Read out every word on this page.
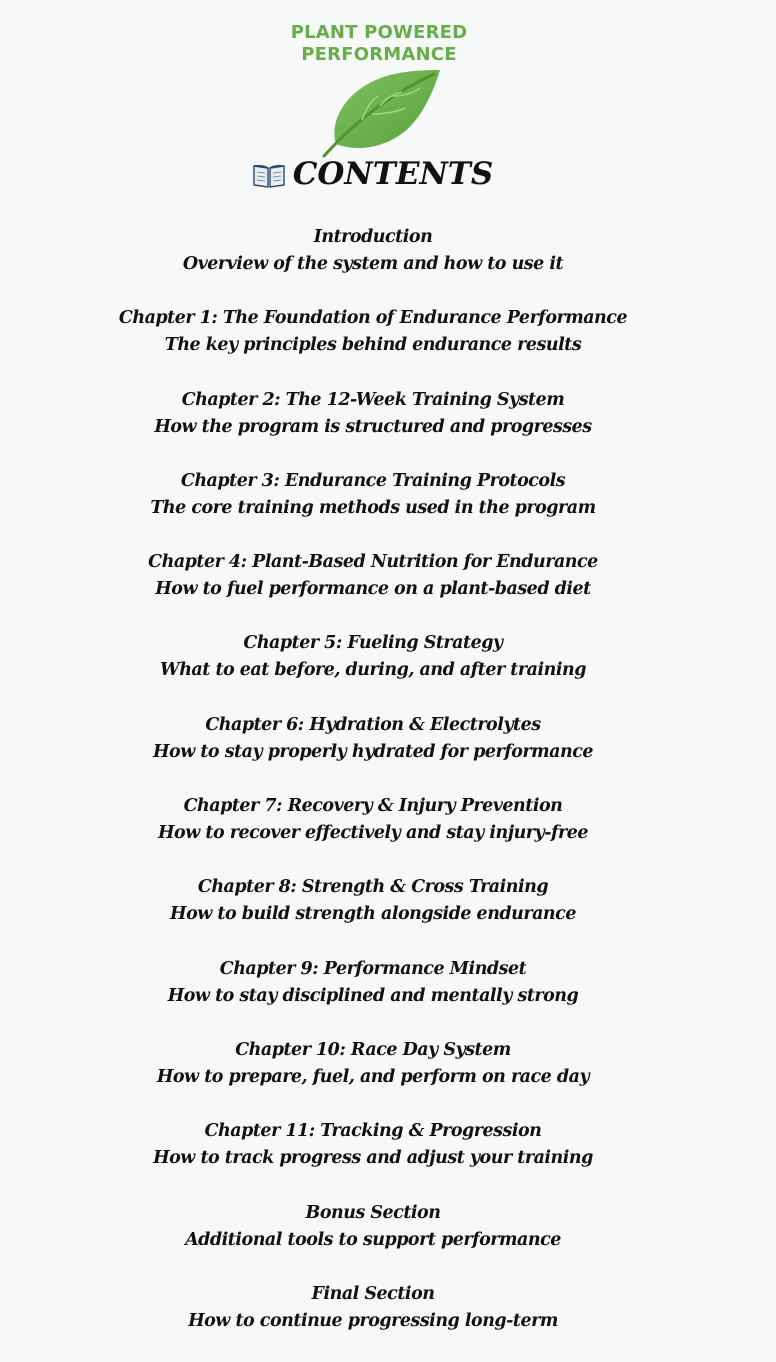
PLANT POWERED
PERFORMANCE
CONTENTS
Introduction
Overview of the system and how to use it
Chapter 1: The Foundation of Endurance Performance
The key principles behind endurance results
Chapter 2: The 12-Week Training System
How the program is structured and progresses
Chapter 3: Endurance Training Protocols
The core training methods used in the program
Chapter 4: Plant-Based Nutrition for Endurance
How to fuel performance on a plant-based diet
Chapter 5: Fueling Strategy
What to eat before, during, and after training
Chapter 6: Hydration & Electrolytes
How to stay properly hydrated for performance
Chapter 7: Recovery & Injury Prevention
How to recover effectively and stay injury-free
Chapter 8: Strength & Cross Training
How to build strength alongside endurance
Chapter 9: Performance Mindset
How to stay disciplined and mentally strong
Chapter 10: Race Day System
How to prepare, fuel, and perform on race day
Chapter 11: Tracking & Progression
How to track progress and adjust your training
Bonus Section
Additional tools to support performance
Final Section
How to continue progressing long-term
